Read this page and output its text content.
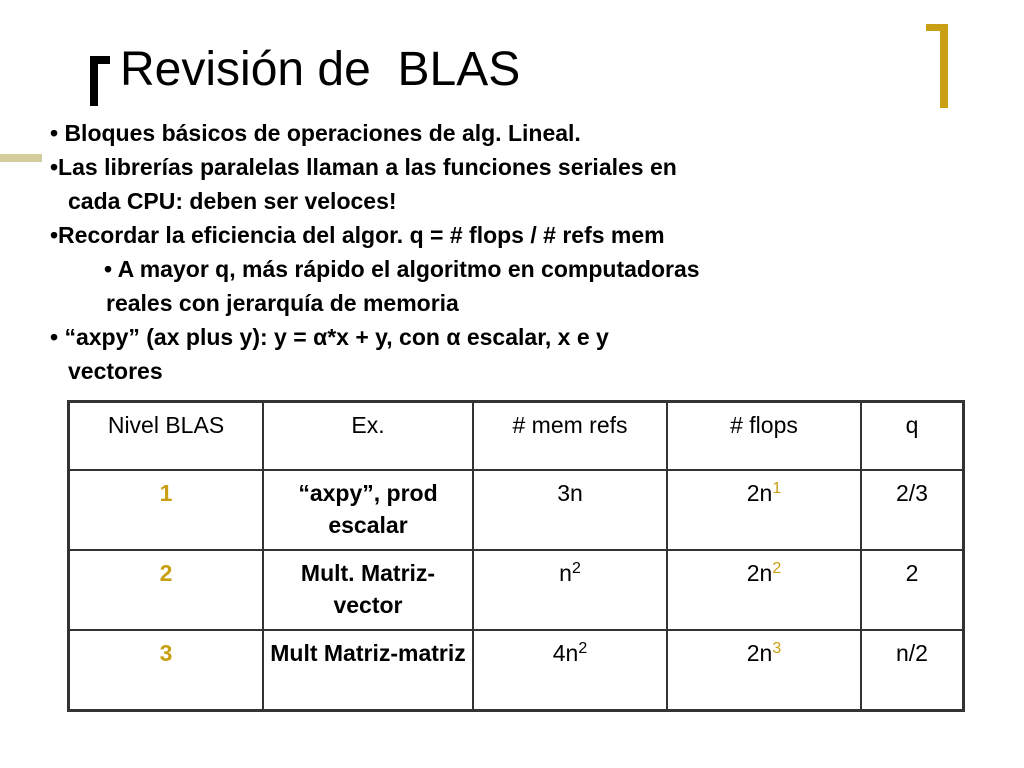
Revisión de  BLAS
• Bloques básicos de operaciones de alg. Lineal.
•Las librerías paralelas llaman a las funciones seriales en
cada CPU: deben ser veloces!
•Recordar la eficiencia del algor. q = # flops / # refs mem
• A mayor q, más rápido el algoritmo en computadoras
reales con jerarquía de memoria
• “axpy” (ax plus y): y = α*x + y, con α escalar, x e y
vectores
Nivel BLAS	Ex.	# mem refs	# flops	q
1	“axpy”, prod escalar	3n	$2n^1$	2/3
2	Mult. Matriz-vector	$n^2$	$2n^2$	2
3	Mult Matriz-matriz	$4n^2$	$2n^3$	n/2
